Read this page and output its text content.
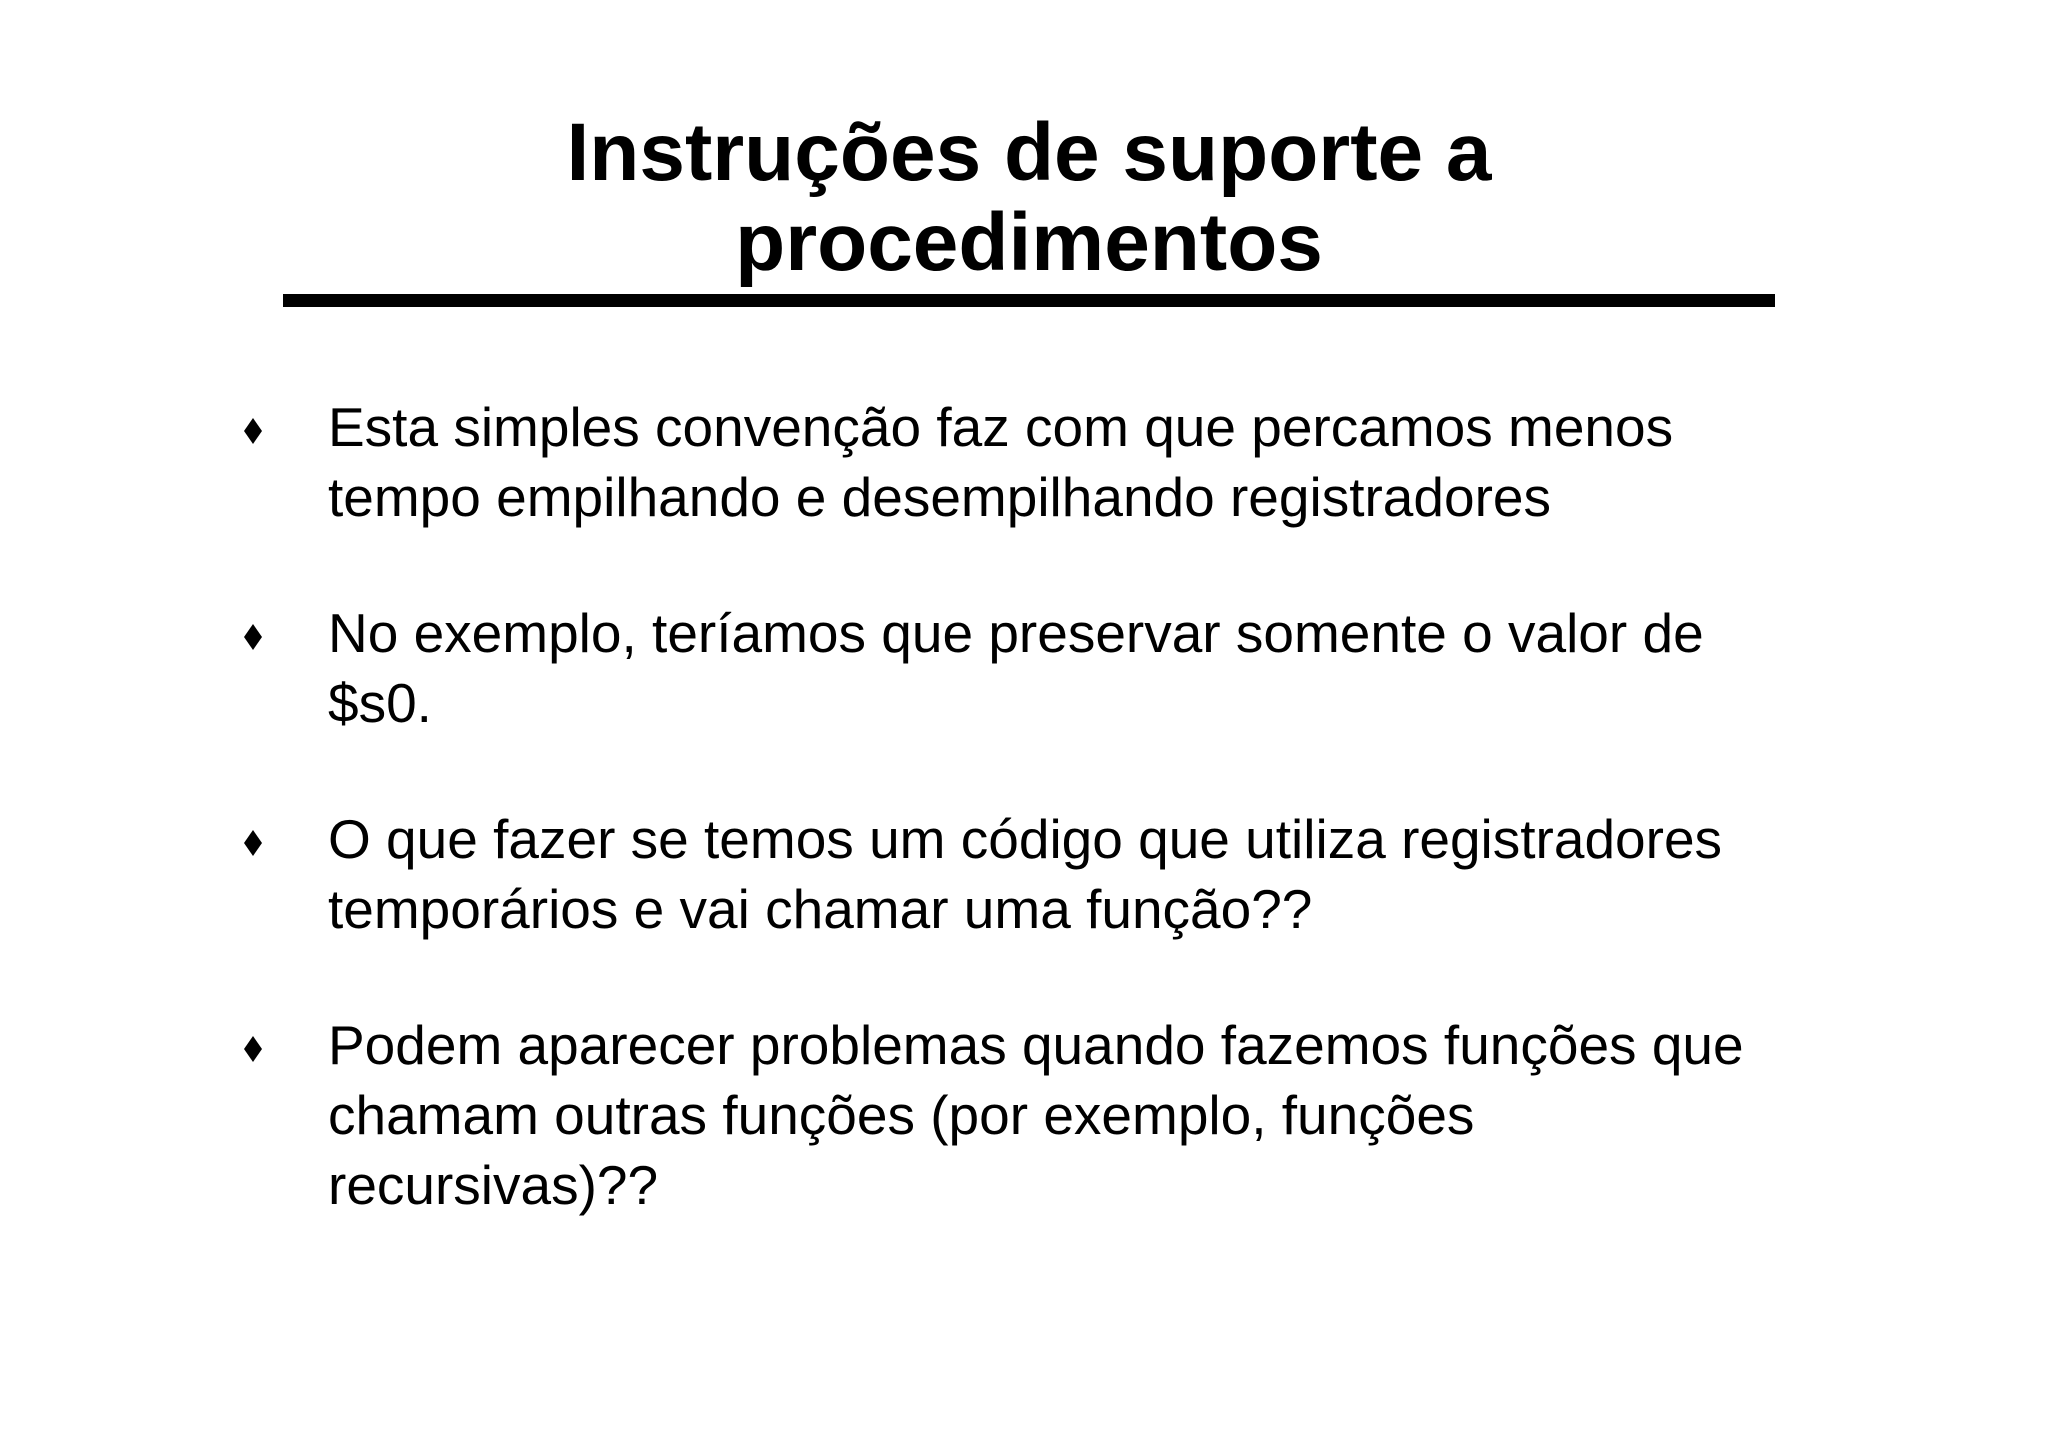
Instruções de suporte a
procedimentos
Esta simples convenção faz com que percamos menos
tempo empilhando e desempilhando registradores
No exemplo, teríamos que preservar somente o valor de
$s0.
O que fazer se temos um código que utiliza registradores
temporários e vai chamar uma função??
Podem aparecer problemas quando fazemos funções que
chamam outras funções (por exemplo, funções
recursivas)??
